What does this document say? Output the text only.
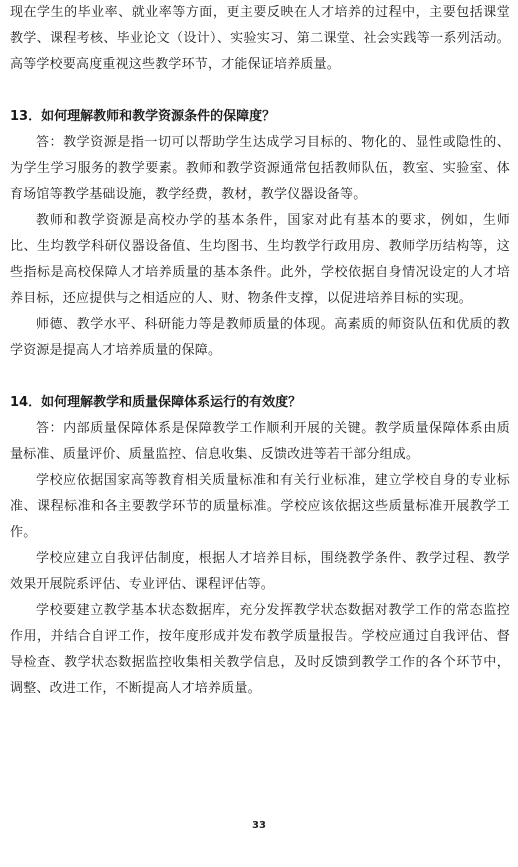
现在学生的毕业率、就业率等方面，更主要反映在人才培养的过程中，主要包括课堂教学、课程考核、毕业论文（设计）、实验实习、第二课堂、社会实践等一系列活动。高等学校要高度重视这些教学环节，才能保证培养质量。

13．如何理解教师和教学资源条件的保障度？

答：教学资源是指一切可以帮助学生达成学习目标的、物化的、显性或隐性的、为学生学习服务的教学要素。教师和教学资源通常包括教师队伍，教室、实验室、体育场馆等教学基础设施，教学经费，教材，教学仪器设备等。

教师和教学资源是高校办学的基本条件，国家对此有基本的要求，例如，生师比、生均教学科研仪器设备值、生均图书、生均教学行政用房、教师学历结构等，这些指标是高校保障人才培养质量的基本条件。此外，学校依据自身情况设定的人才培养目标，还应提供与之相适应的人、财、物条件支撑，以促进培养目标的实现。

师德、教学水平、科研能力等是教师质量的体现。高素质的师资队伍和优质的教学资源是提高人才培养质量的保障。

14．如何理解教学和质量保障体系运行的有效度？

答：内部质量保障体系是保障教学工作顺利开展的关键。教学质量保障体系由质量标准、质量评价、质量监控、信息收集、反馈改进等若干部分组成。

学校应依据国家高等教育相关质量标准和有关行业标准，建立学校自身的专业标准、课程标准和各主要教学环节的质量标准。学校应该依据这些质量标准开展教学工作。

学校应建立自我评估制度，根据人才培养目标，围绕教学条件、教学过程、教学效果开展院系评估、专业评估、课程评估等。

学校要建立教学基本状态数据库，充分发挥教学状态数据对教学工作的常态监控作用，并结合自评工作，按年度形成并发布教学质量报告。学校应通过自我评估、督导检查、教学状态数据监控收集相关教学信息，及时反馈到教学工作的各个环节中，调整、改进工作，不断提高人才培养质量。

33
